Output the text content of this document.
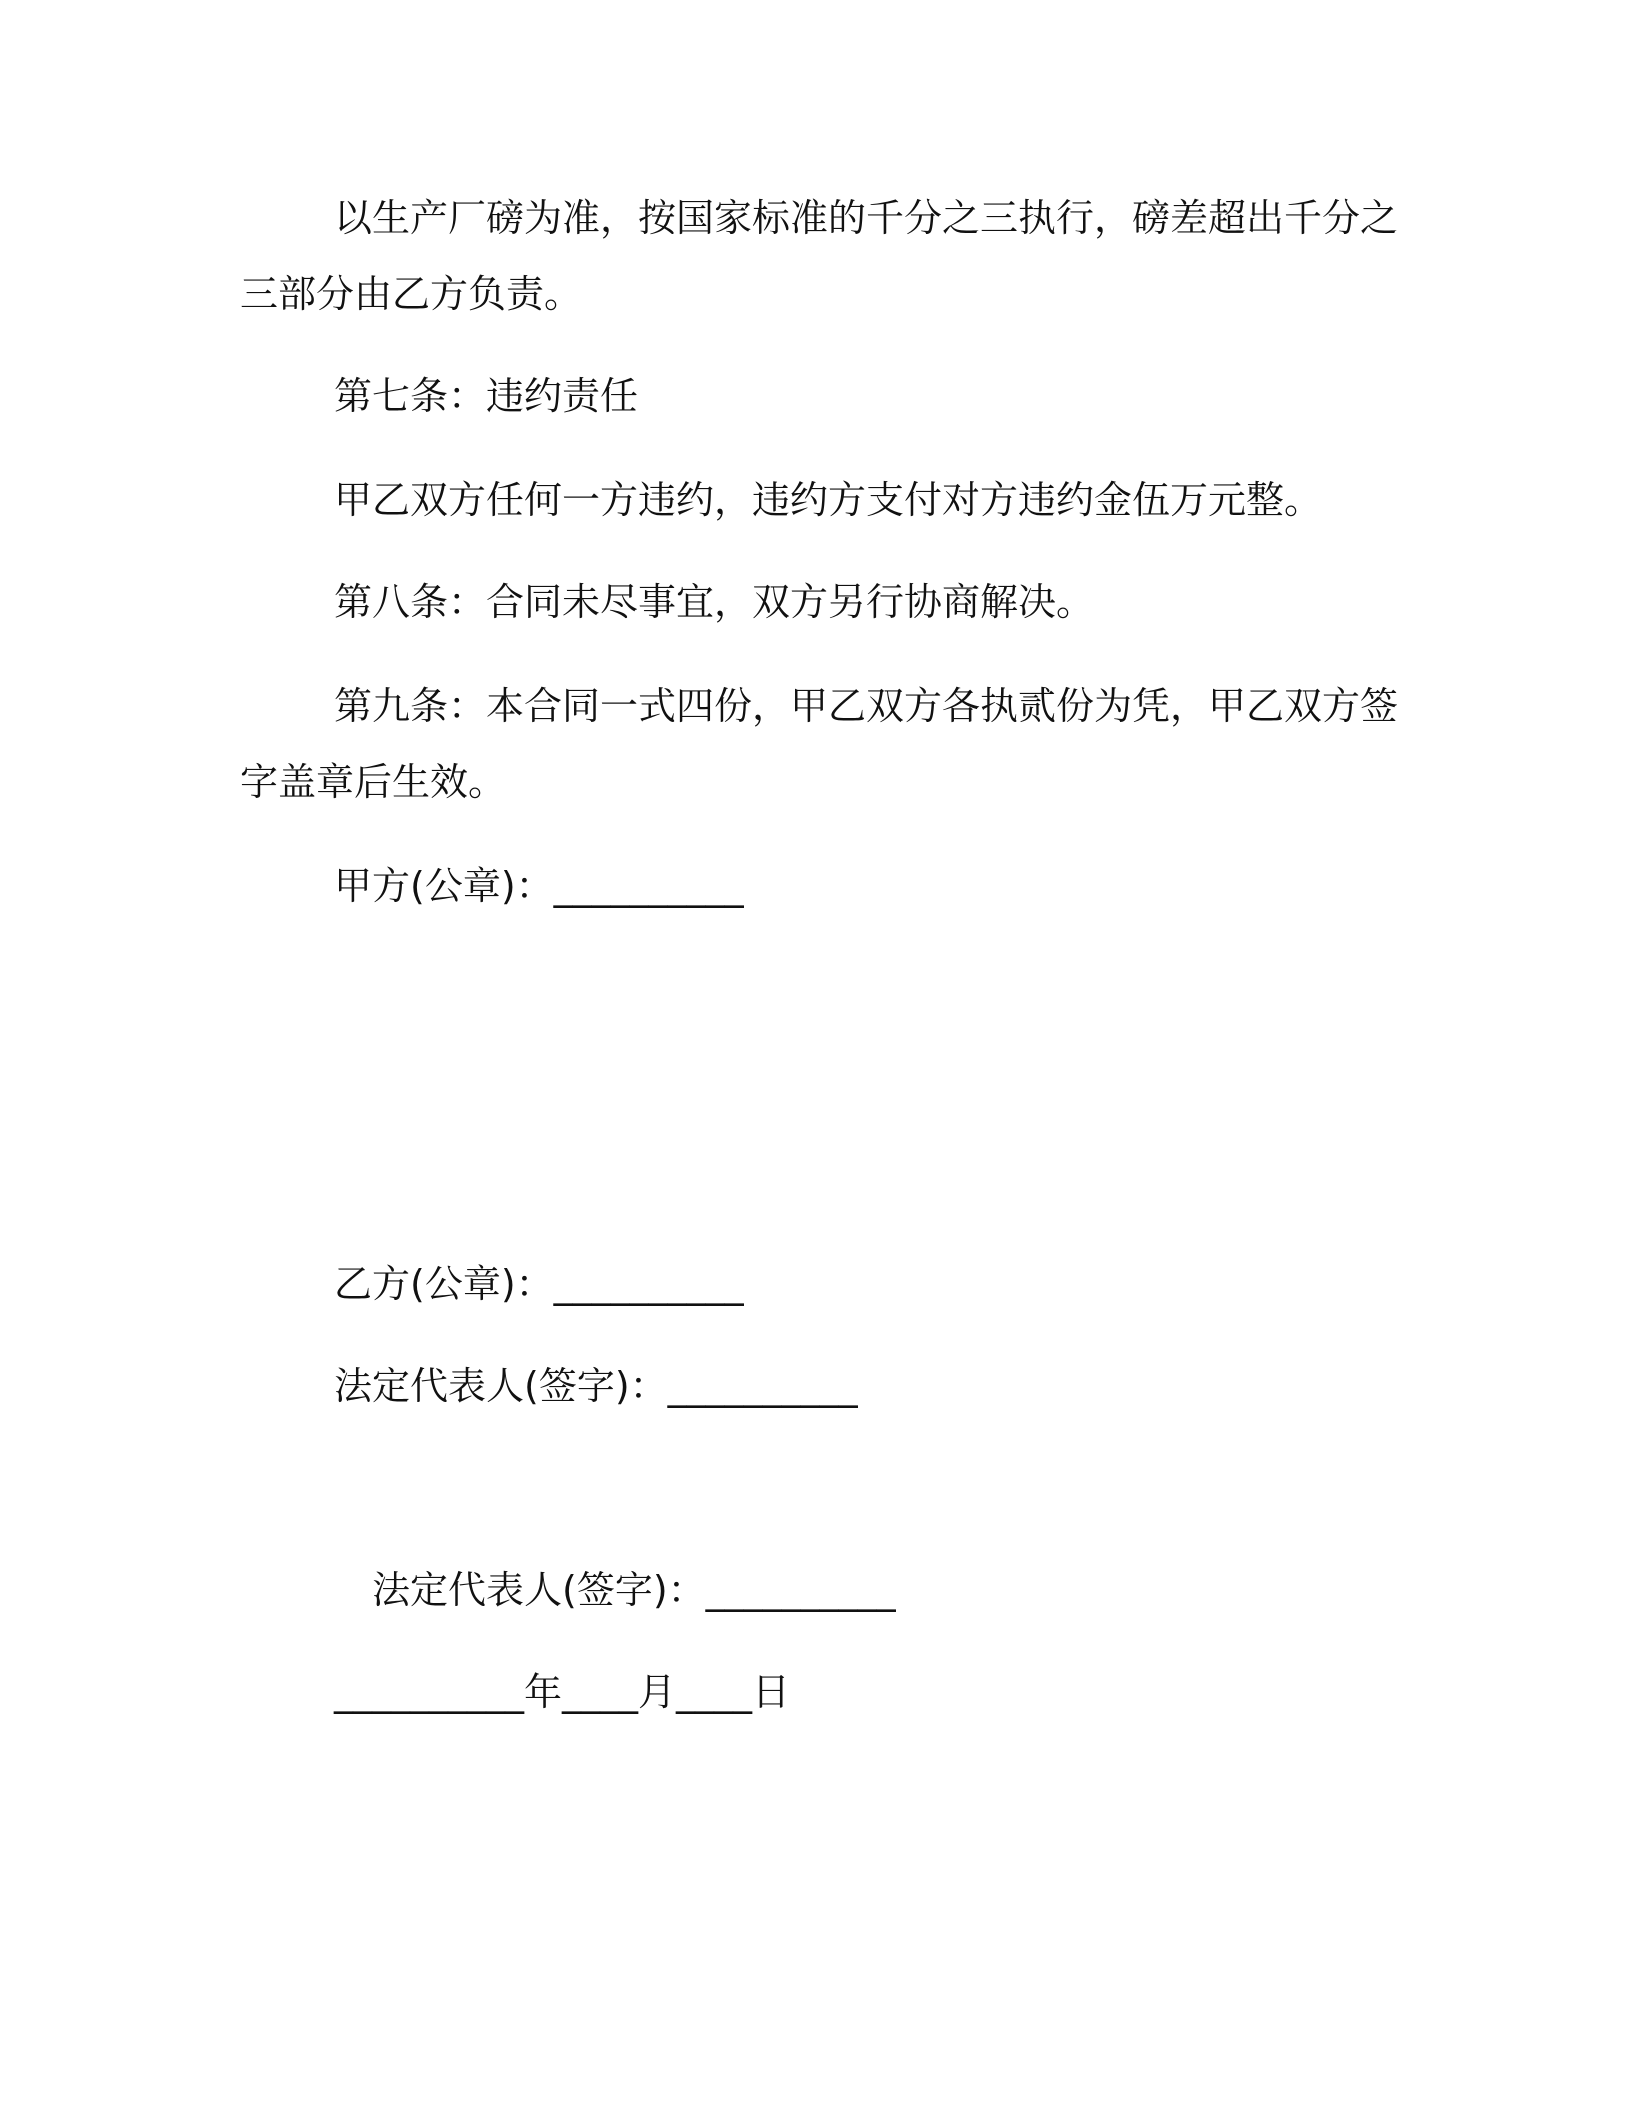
以生产厂磅为准，按国家标准的千分之三执行，磅差超出千分之
三部分由乙方负责。
第七条：违约责任
甲乙双方任何一方违约，违约方支付对方违约金伍万元整。
第八条：合同未尽事宜，双方另行协商解决。
第九条：本合同一式四份，甲乙双方各执贰份为凭，甲乙双方签
字盖章后生效。
甲方(公章)：__________
乙方(公章)：__________
法定代表人(签字)：__________
法定代表人(签字)：__________
__________年____月____日
